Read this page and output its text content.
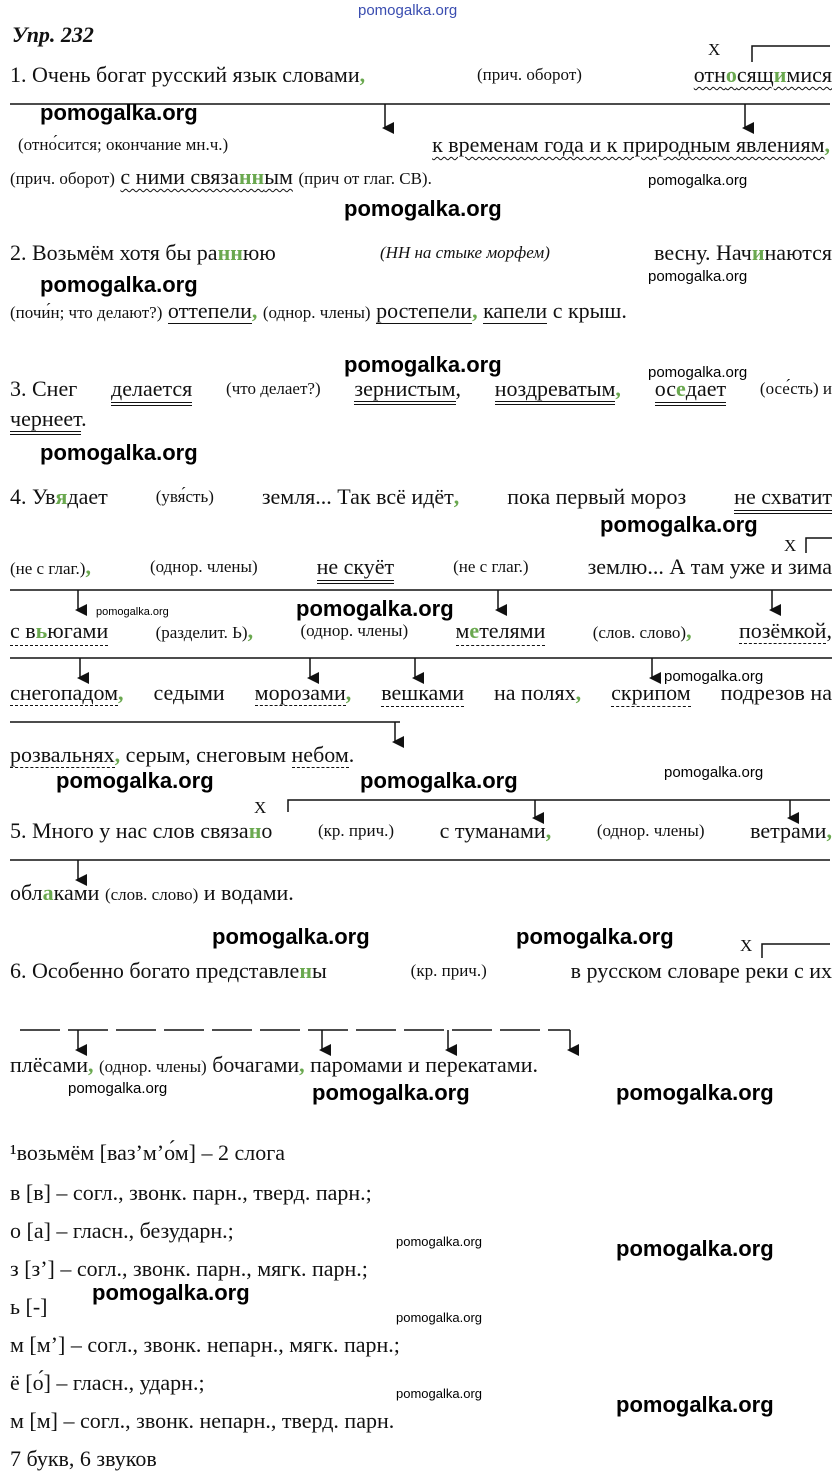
pomogalka.org
pomogalka.org
pomogalka.org
pomogalka.org
pomogalka.org	pomogalka.org
pomogalka.org	pomogalka.org
pomogalka.org
pomogalka.org
pomogalka.org	pomogalka.org
pomogalka.org
pomogalka.org	pomogalka.org	pomogalka.org
pomogalka.org	pomogalka.org
pomogalka.org	pomogalka.org	pomogalka.org
pomogalka.org	pomogalka.org
pomogalka.org
pomogalka.org
pomogalka.org	pomogalka.org
Упр. 232
X
X
X
X
1. Очень богат русский язык словами,	(прич. оборот)	относящимися
(отно́сится; окончание мн.ч.)	к временам года и к природным явлениям,
(прич. оборот) с ними связанным (прич от глаг. СВ).
2. Возьмём хотя бы раннюю	(НН на стыке морфем)	весну. Начинаются
(почи́н; что делают?) оттепели, (однор. члены) ростепели, капели с крыш.
3. Снег делается (что делает?) зернистым, ноздреватым, оседает (осе́сть) и
чернеет.
4. Увядает	(увя́сть) земля... Так всё идёт, пока первый мороз не схватит
(не с глаг.),	(однор. члены)	не скуёт	(не с глаг.)	землю... А там уже и зима
с вьюгами	(разделит. Ь),	(однор. члены) метелями	(слов. слово), позёмкой,
снегопадом, седыми морозами, вешками на полях, скрипом подрезов на
розвальнях, серым, снеговым небом.
5. Много у нас слов связано	(кр. прич.) с туманами,	(однор. члены) ветрами,
облаками (слов. слово) и водами.
6. Особенно богато представлены	(кр. прич.)	в русском словаре реки с их
плёсами, (однор. члены) бочагами, паромами и перекатами.
¹возьмём [ваз’м’о́м] – 2 слога
в [в] – согл., звонк. парн., тверд. парн.;
о [а] – гласн., безударн.;
з [з’] – согл., звонк. парн., мягк. парн.;
ь [-]
м [м’] – согл., звонк. непарн., мягк. парн.;
ё [о́] – гласн., ударн.;
м [м] – согл., звонк. непарн., тверд. парн.
7 букв, 6 звуков
